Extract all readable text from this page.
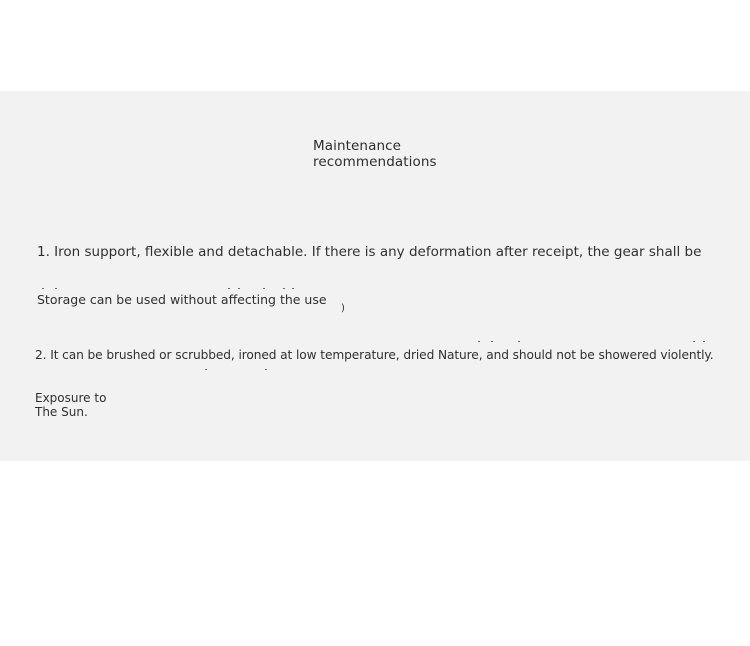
Maintenance
recommendations
1. Iron support, flexible and detachable. If there is any deformation after receipt, the gear shall be
Storage can be used without affecting the use
)
2. It can be brushed or scrubbed, ironed at low temperature, dried Nature, and should not be showered violently.
Exposure to
The Sun.
